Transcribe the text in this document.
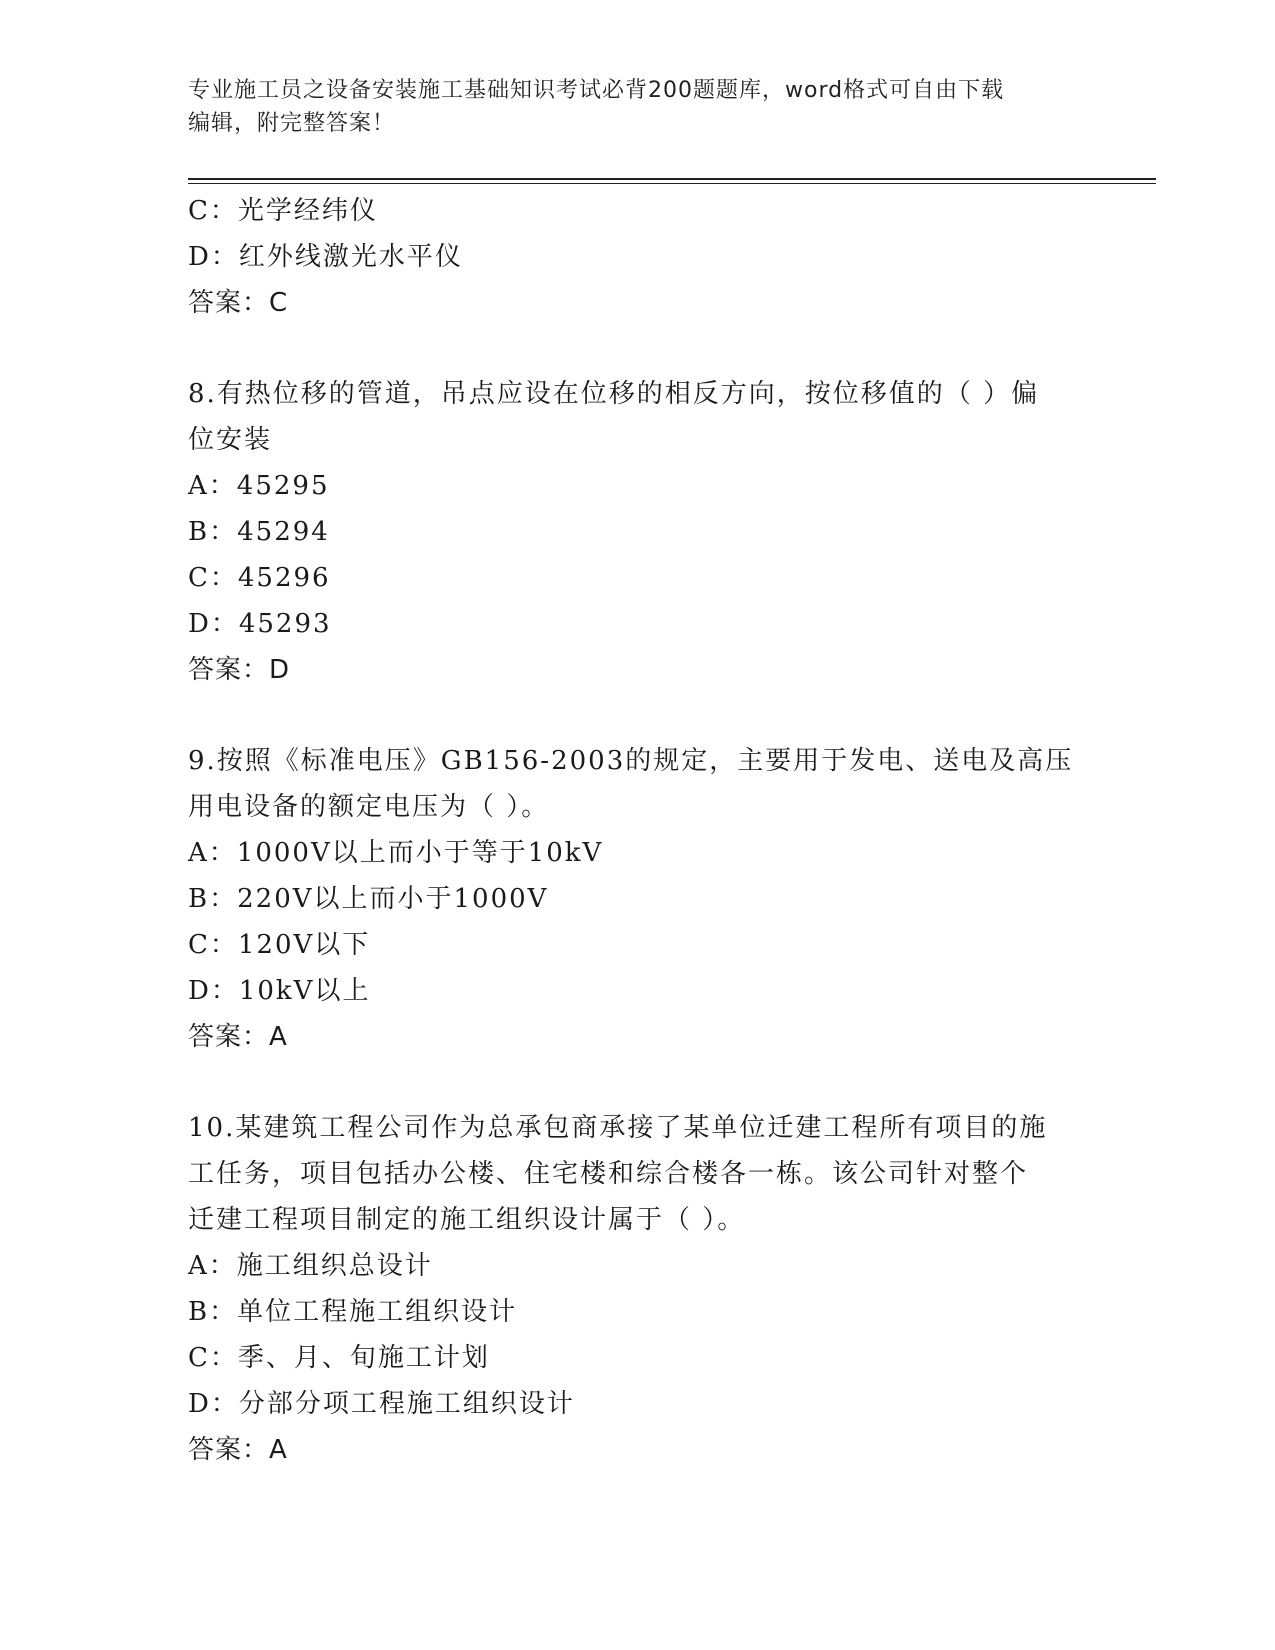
专业施工员之设备安装施工基础知识考试必背200题题库，word格式可自由下载
编辑，附完整答案！
C：光学经纬仪
D：红外线激光水平仪
答案：C
8.有热位移的管道，吊点应设在位移的相反方向，按位移值的（ ）偏
位安装
A：45295
B：45294
C：45296
D：45293
答案：D
9.按照《标准电压》GB156-2003的规定，主要用于发电、送电及高压
用电设备的额定电压为（ ）。
A：1000V以上而小于等于10kV
B：220V以上而小于1000V
C：120V以下
D：10kV以上
答案：A
10.某建筑工程公司作为总承包商承接了某单位迁建工程所有项目的施
工任务，项目包括办公楼、住宅楼和综合楼各一栋。该公司针对整个
迁建工程项目制定的施工组织设计属于（ ）。
A：施工组织总设计
B：单位工程施工组织设计
C：季、月、旬施工计划
D：分部分项工程施工组织设计
答案：A
